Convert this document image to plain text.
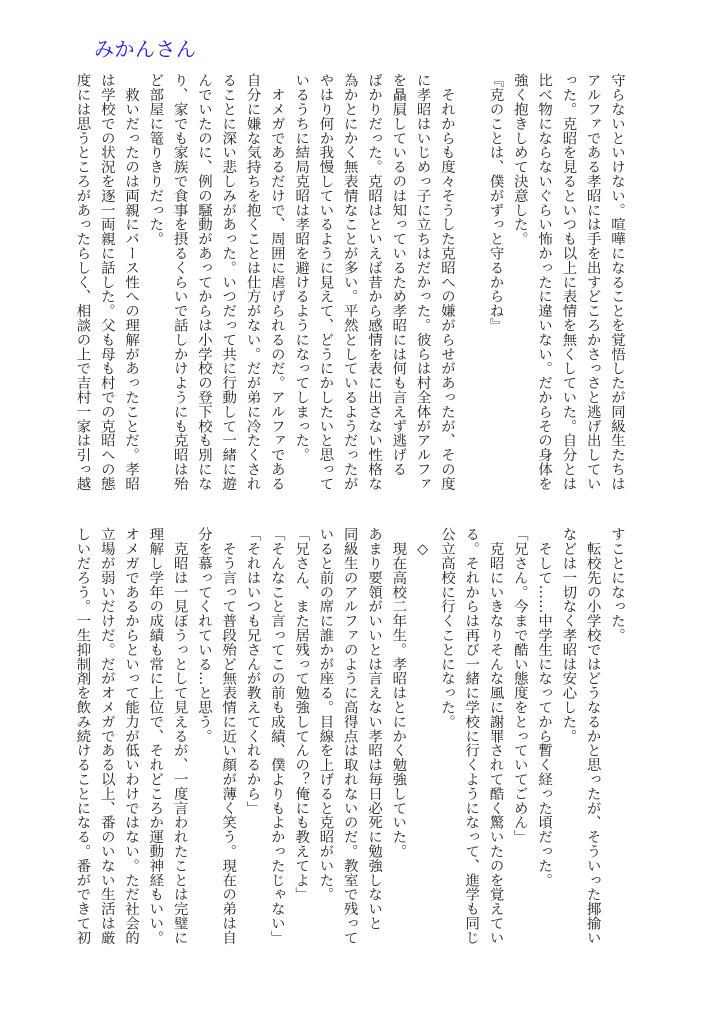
みかんさん
守らないといけない。喧嘩になることを覚悟したが同級生たちは
アルファである孝昭には手を出すどころかさっさと逃げ出してい
った。克昭を見るといつも以上に表情を無くしていた。自分とは
比べ物にならないぐらい怖かったに違いない。だからその身体を
強く抱きしめて決意した。
『克のことは、僕がずっと守るからね』

　それからも度々そうした克昭への嫌がらせがあったが、その度
に孝昭はいじめっ子に立ちはだかった。彼らは村全体がアルファ
を贔屓しているのは知っているため孝昭には何も言えず逃げる
ばかりだった。克昭はといえば昔から感情を表に出さない性格な
為かとにかく無表情なことが多い。平然としているようだったが
やはり何か我慢しているように見えて、どうにかしたいと思って
いるうちに結局克昭は孝昭を避けるようになってしまった。
　オメガであるだけで、周囲に虐げられるのだ。アルファである
自分に嫌な気持ちを抱くことは仕方がない。だが弟に冷たくされ
ることに深い悲しみがあった。いつだって共に行動して一緒に遊
んでいたのに、例の騒動があってからは小学校の登下校も別にな
り、家でも家族で食事を摂るくらいで話しかけようにも克昭は殆
ど部屋に篭りきりだった。
　救いだったのは両親にバース性への理解があったことだ。孝昭
は学校での状況を逐一両親に話した。父も母も村での克昭への態
度には思うところがあったらしく、相談の上で吉村一家は引っ越
すことになった。
　転校先の小学校ではどうなるかと思ったが、そういった揶揄い
などは一切なく孝昭は安心した。
　そして……中学生になってから暫く経った頃だった。
「兄さん。今まで酷い態度をとっていてごめん」
　克昭にいきなりそんな風に謝罪されて酷く驚いたのを覚えてい
る。それからは再び一緒に学校に行くようになって、進学も同じ
公立高校に行くことになった。
　◇
　現在高校二年生。孝昭はとにかく勉強していた。
あまり要領がいいとは言えない孝昭は毎日必死に勉強しないと
同級生のアルファのように高得点は取れないのだ。教室で残って
いると前の席に誰かが座る。目線を上げると克昭がいた。
「兄さん、また居残って勉強してんの？俺にも教えてよ」
「そんなこと言ってこの前も成績、僕よりもよかったじゃない」
「それはいつも兄さんが教えてくれるから」
　そう言って普段殆ど無表情に近い顔が薄く笑う。現在の弟は自
分を慕ってくれている…と思う。
　克昭は一見ぼうっとして見えるが、一度言われたことは完璧に
理解し学年の成績も常に上位で、それどころか運動神経もいい。
オメガであるからといって能力が低いわけではない。ただ社会的
立場が弱いだけだ。だがオメガである以上、番のいない生活は厳
しいだろう。一生抑制剤を飲み続けることになる。番ができて初
